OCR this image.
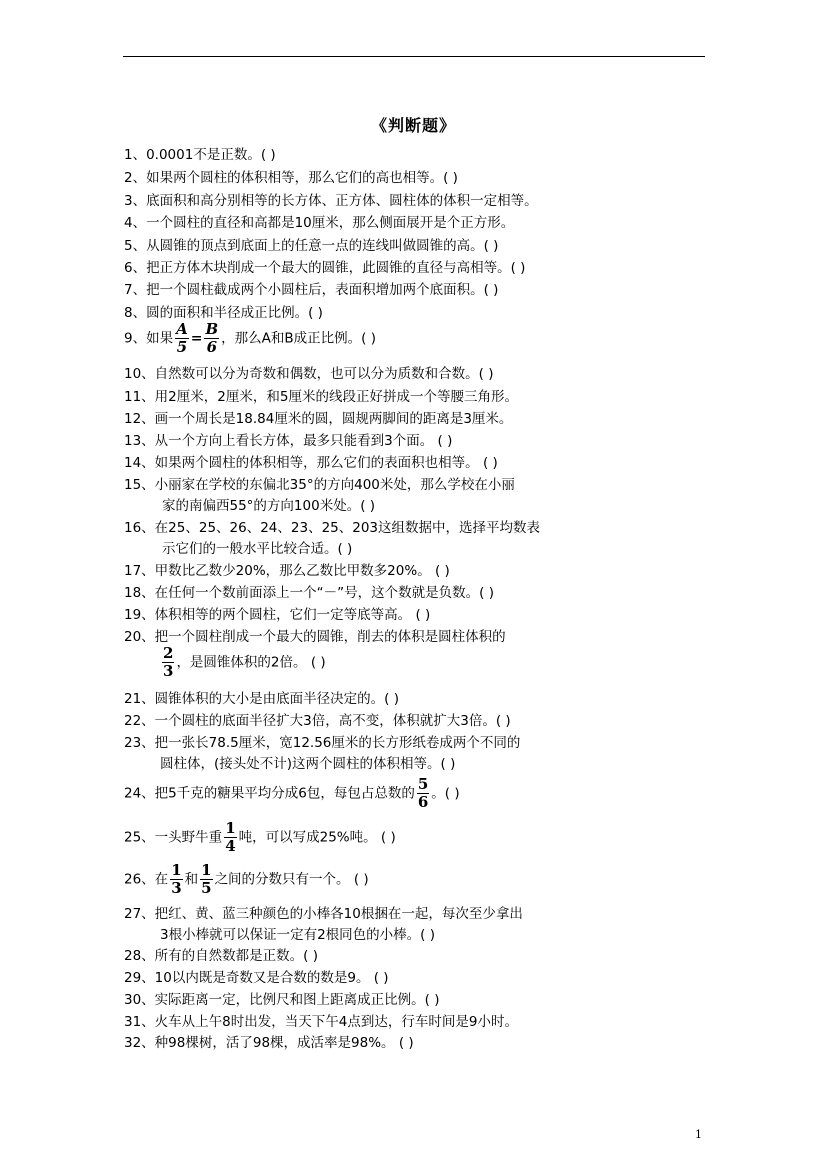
《判断题》
1、0.0001不是正数。( )
2、如果两个圆柱的体积相等，那么它们的高也相等。( )
3、底面积和高分别相等的长方体、正方体、圆柱体的体积一定相等。
4、一个圆柱的直径和高都是10厘米，那么侧面展开是个正方形。
5、从圆锥的顶点到底面上的任意一点的连线叫做圆锥的高。( )
6、把正方体木块削成一个最大的圆锥，此圆锥的直径与高相等。( )
7、把一个圆柱截成两个小圆柱后，表面积增加两个底面积。( )
8、圆的面积和半径成正比例。( )
9、如果 $\frac{A}{5} = \frac{B}{6}$ ，那么A和B成正比例。( )
10、自然数可以分为奇数和偶数，也可以分为质数和合数。( )
11、用2厘米，2厘米，和5厘米的线段正好拼成一个等腰三角形。
12、画一个周长是18.84厘米的圆，圆规两脚间的距离是3厘米。
13、从一个方向上看长方体，最多只能看到3个面。 ( )
14、如果两个圆柱的体积相等，那么它们的表面积也相等。 ( )
15、小丽家在学校的东偏北35°的方向400米处，那么学校在小丽
家的南偏西55°的方向100米处。( )
16、在25、25、26、24、23、25、203这组数据中，选择平均数表
示它们的一般水平比较合适。( )
17、甲数比乙数少20%，那么乙数比甲数多20%。 ( )
18、在任何一个数前面添上一个“－”号，这个数就是负数。( )
19、体积相等的两个圆柱，它们一定等底等高。 ( )
20、把一个圆柱削成一个最大的圆锥，削去的体积是圆柱体积的
$\frac{2}{3}$ ，是圆锥体积的2倍。 ( )
21、圆锥体积的大小是由底面半径决定的。( )
22、一个圆柱的底面半径扩大3倍，高不变，体积就扩大3倍。( )
23、把一张长78.5厘米，宽12.56厘米的长方形纸卷成两个不同的
圆柱体，(接头处不计)这两个圆柱的体积相等。( )
24、把5千克的糖果平均分成6包，每包占总数的 $\frac{5}{6}$ 。( )
25、一头野牛重 $\frac{1}{4}$ 吨，可以写成25%吨。 ( )
26、在 $\frac{1}{3}$ 和 $\frac{1}{5}$ 之间的分数只有一个。 ( )
27、把红、黄、蓝三种颜色的小棒各10根捆在一起，每次至少拿出
3根小棒就可以保证一定有2根同色的小棒。( )
28、所有的自然数都是正数。( )
29、10以内既是奇数又是合数的数是9。 ( )
30、实际距离一定，比例尺和图上距离成正比例。( )
31、火车从上午8时出发，当天下午4点到达，行车时间是9小时。
32、种98棵树，活了98棵，成活率是98%。 ( )
1
